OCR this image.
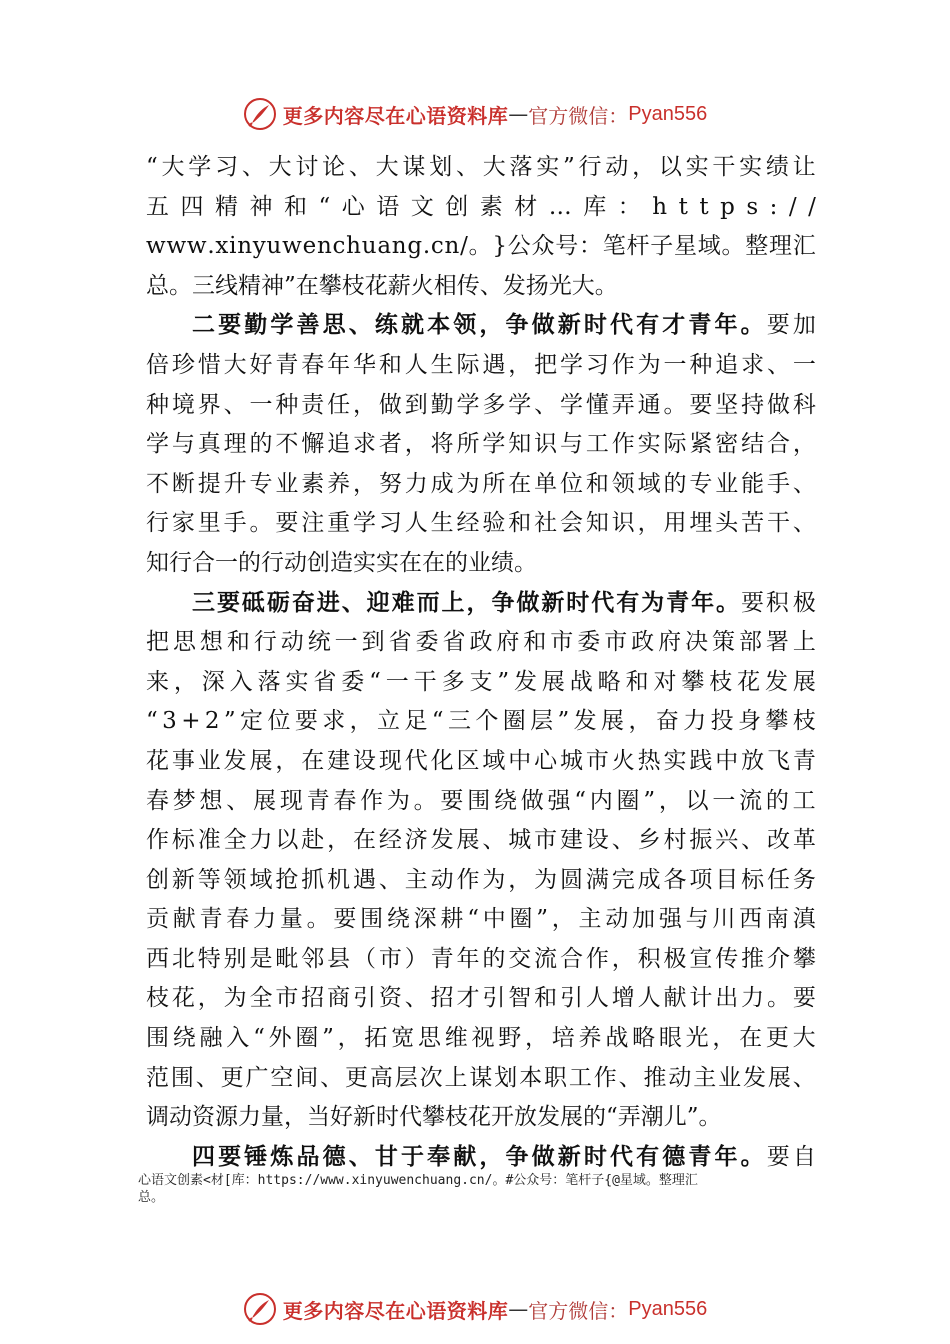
更多内容尽在心语资料库 — 官方微信： Pyan556
“ 大 学 习 、 大 讨 论 、 大 谋 划 、 大 落 实 ” 行 动 ， 以 实 干 实 绩 让
五 四 精 神 和 “ 心 语 文 创 素 材 … 库 ： h t t p s : / /
w w w . x i n y u w e n c h u a n g . c n / 。 } 公 众 号 ： 笔 杆 子 星 域 。 整 理 汇
总。三线精神”在攀枝花薪火相传、发扬光大。
二 要 勤 学 善 思 、 练 就 本 领 ， 争 做 新 时 代 有 才 青 年 。 要 加
倍 珍 惜 大 好 青 春 年 华 和 人 生 际 遇 ， 把 学 习 作 为 一 种 追 求 、 一
种 境 界 、 一 种 责 任 ， 做 到 勤 学 多 学 、 学 懂 弄 通 。 要 坚 持 做 科
学 与 真 理 的 不 懈 追 求 者 ， 将 所 学 知 识 与 工 作 实 际 紧 密 结 合 ，
不 断 提 升 专 业 素 养 ， 努 力 成 为 所 在 单 位 和 领 域 的 专 业 能 手 、
行 家 里 手 。 要 注 重 学 习 人 生 经 验 和 社 会 知 识 ， 用 埋 头 苦 干 、
知行合一的行动创造实实在在的业绩。
三 要 砥 砺 奋 进 、 迎 难 而 上 ， 争 做 新 时 代 有 为 青 年 。 要 积 极
把 思 想 和 行 动 统 一 到 省 委 省 政 府 和 市 委 市 政 府 决 策 部 署 上
来 ， 深 入 落 实 省 委 “ 一 干 多 支 ” 发 展 战 略 和 对 攀 枝 花 发 展
“ 3 + 2 ” 定 位 要 求 ， 立 足 “ 三 个 圈 层 ” 发 展 ， 奋 力 投 身 攀 枝
花 事 业 发 展 ， 在 建 设 现 代 化 区 域 中 心 城 市 火 热 实 践 中 放 飞 青
春 梦 想 、 展 现 青 春 作 为 。 要 围 绕 做 强 “ 内 圈 ” ， 以 一 流 的 工
作 标 准 全 力 以 赴 ， 在 经 济 发 展 、 城 市 建 设 、 乡 村 振 兴 、 改 革
创 新 等 领 域 抢 抓 机 遇 、 主 动 作 为 ， 为 圆 满 完 成 各 项 目 标 任 务
贡 献 青 春 力 量 。 要 围 绕 深 耕 “ 中 圈 ” ， 主 动 加 强 与 川 西 南 滇
西 北 特 别 是 毗 邻 县 （ 市 ） 青 年 的 交 流 合 作 ， 积 极 宣 传 推 介 攀
枝 花 ， 为 全 市 招 商 引 资 、 招 才 引 智 和 引 人 增 人 献 计 出 力 。 要
围 绕 融 入 “ 外 圈 ” ， 拓 宽 思 维 视 野 ， 培 养 战 略 眼 光 ， 在 更 大
范 围 、 更 广 空 间 、 更 高 层 次 上 谋 划 本 职 工 作 、 推 动 主 业 发 展 、
调动资源力量，当好新时代攀枝花开放发展的“弄潮儿”。
四 要 锤 炼 品 德 、 甘 于 奉 献 ， 争 做 新 时 代 有 德 青 年 。 要 自
心语文创素<材[库：https://www.xinyuwenchuang.cn/。#公众号：笔杆子{@星域。整理汇
总。
更多内容尽在心语资料库 — 官方微信： Pyan556
